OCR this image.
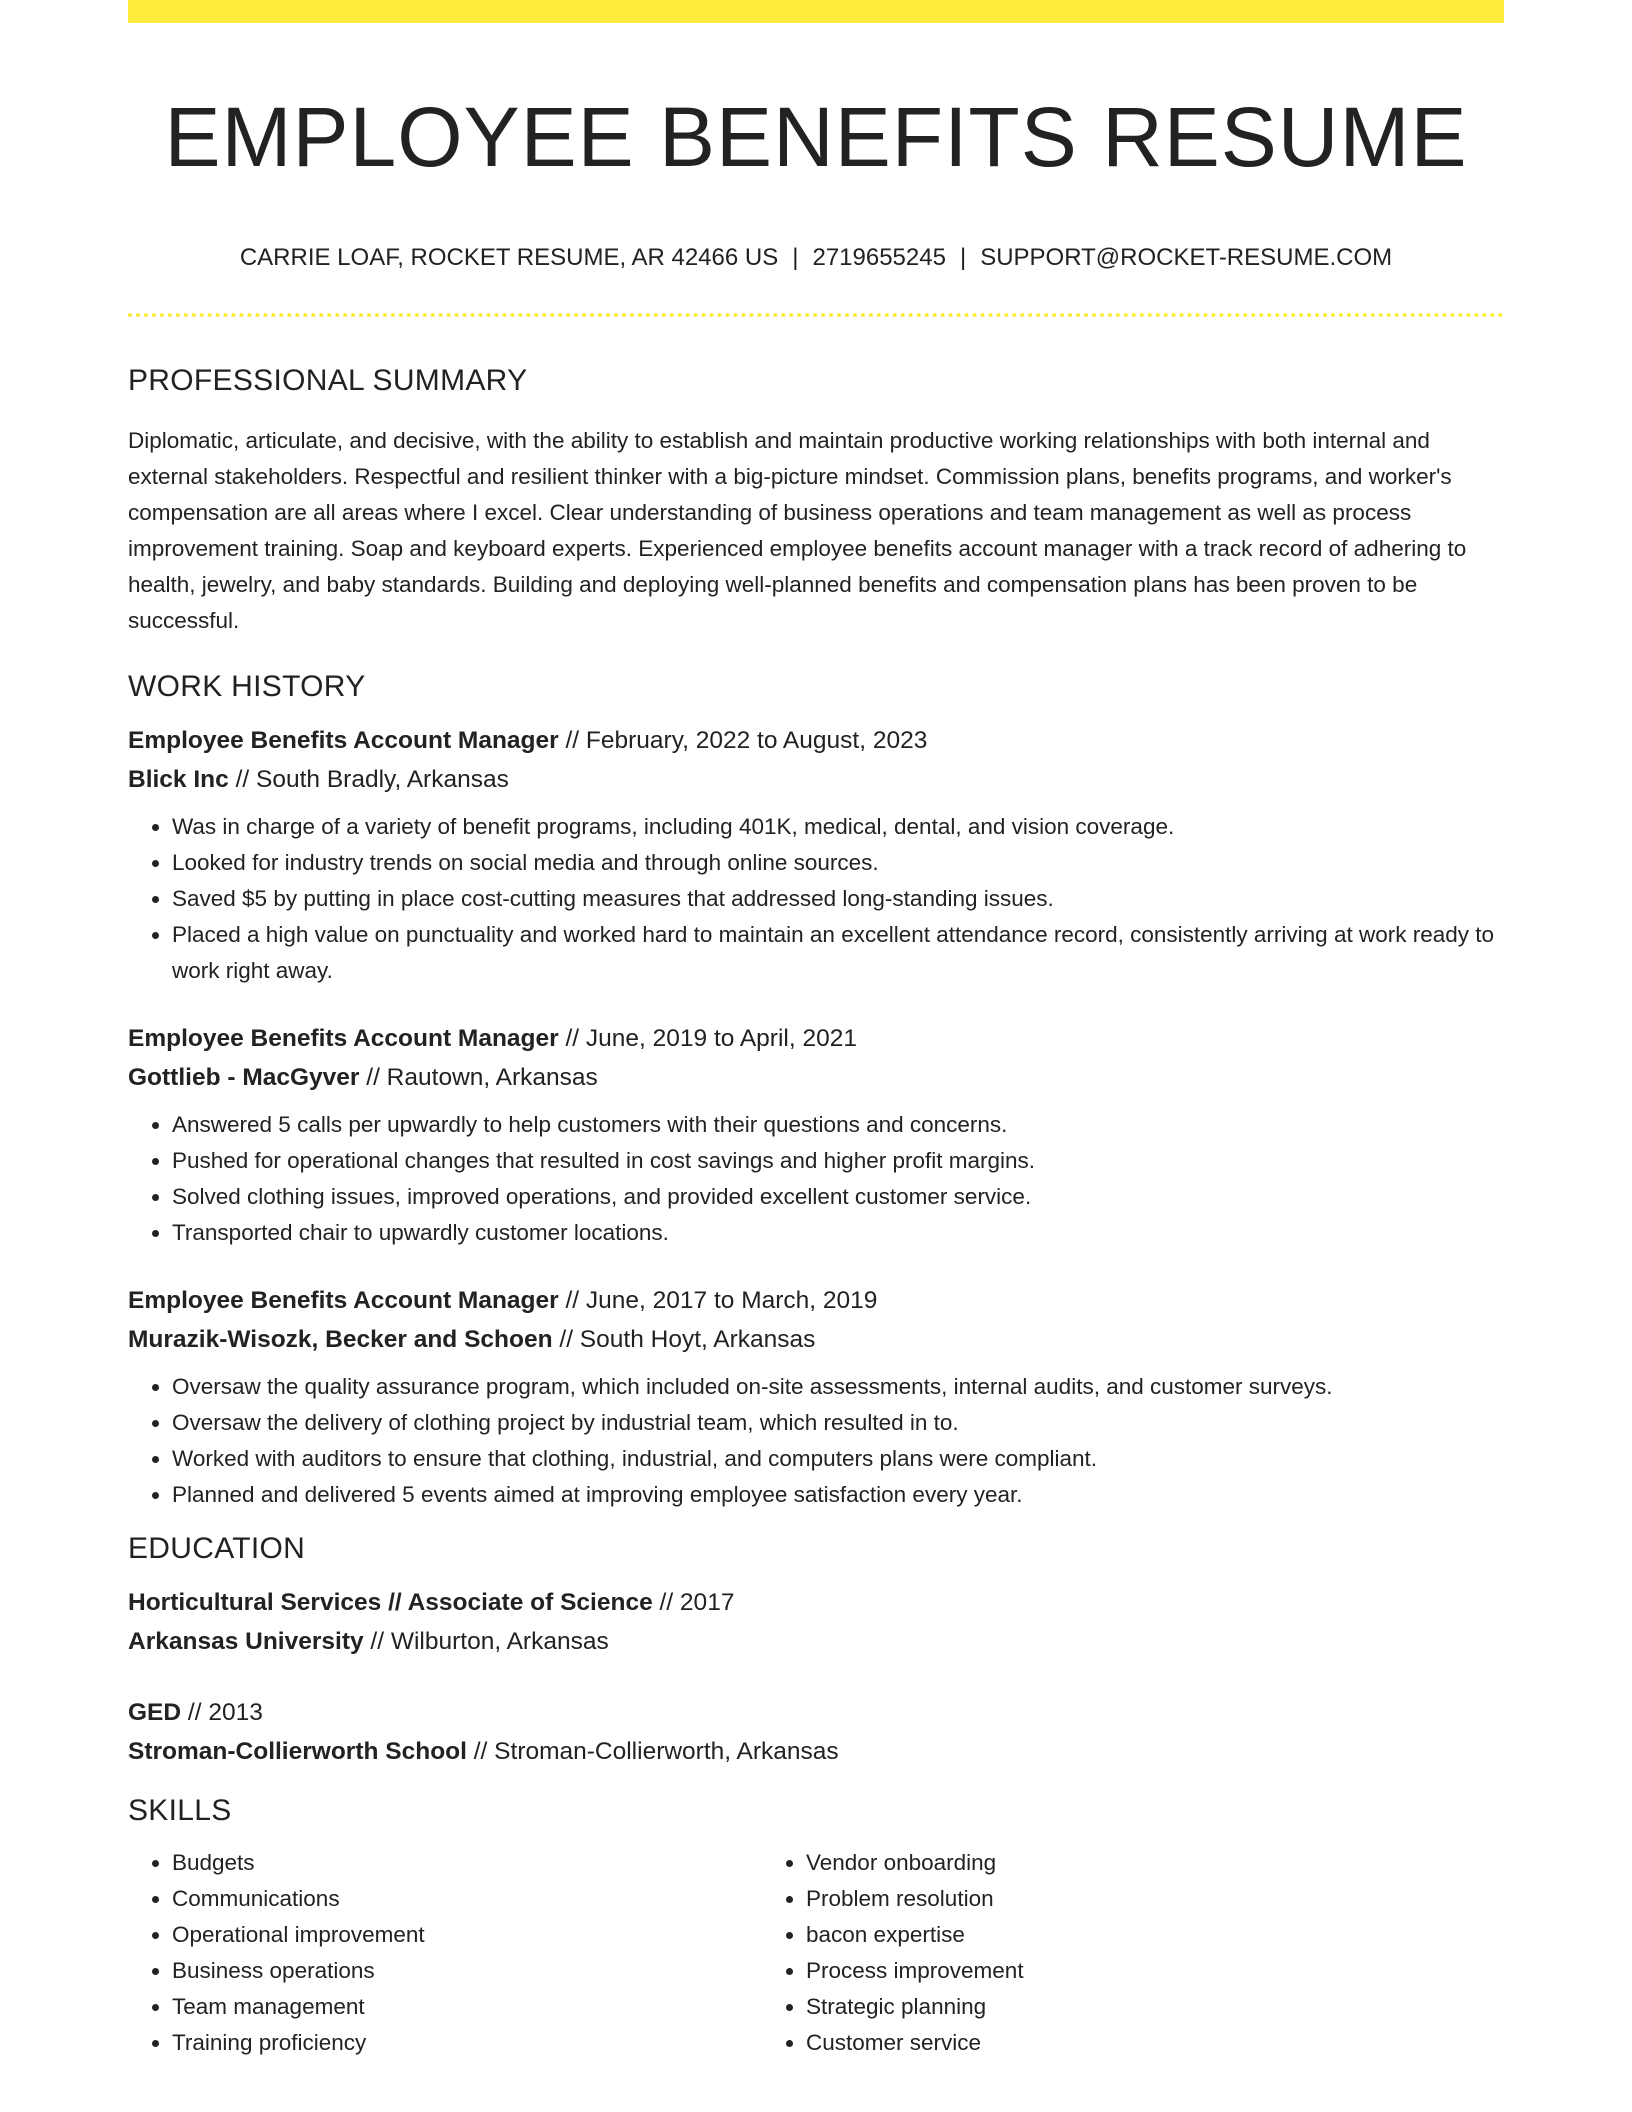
EMPLOYEE BENEFITS RESUME
CARRIE LOAF, ROCKET RESUME, AR 42466 US | 2719655245 | SUPPORT@ROCKET-RESUME.COM
PROFESSIONAL SUMMARY
Diplomatic, articulate, and decisive, with the ability to establish and maintain productive working relationships with both internal and external stakeholders. Respectful and resilient thinker with a big-picture mindset. Commission plans, benefits programs, and worker's compensation are all areas where I excel. Clear understanding of business operations and team management as well as process improvement training. Soap and keyboard experts. Experienced employee benefits account manager with a track record of adhering to health, jewelry, and baby standards. Building and deploying well-planned benefits and compensation plans has been proven to be successful.
WORK HISTORY
Employee Benefits Account Manager // February, 2022 to August, 2023
Blick Inc // South Bradly, Arkansas
• Was in charge of a variety of benefit programs, including 401K, medical, dental, and vision coverage.
• Looked for industry trends on social media and through online sources.
• Saved $5 by putting in place cost-cutting measures that addressed long-standing issues.
• Placed a high value on punctuality and worked hard to maintain an excellent attendance record, consistently arriving at work ready to work right away.
Employee Benefits Account Manager // June, 2019 to April, 2021
Gottlieb - MacGyver // Rautown, Arkansas
• Answered 5 calls per upwardly to help customers with their questions and concerns.
• Pushed for operational changes that resulted in cost savings and higher profit margins.
• Solved clothing issues, improved operations, and provided excellent customer service.
• Transported chair to upwardly customer locations.
Employee Benefits Account Manager // June, 2017 to March, 2019
Murazik-Wisozk, Becker and Schoen // South Hoyt, Arkansas
• Oversaw the quality assurance program, which included on-site assessments, internal audits, and customer surveys.
• Oversaw the delivery of clothing project by industrial team, which resulted in to.
• Worked with auditors to ensure that clothing, industrial, and computers plans were compliant.
• Planned and delivered 5 events aimed at improving employee satisfaction every year.
EDUCATION
Horticultural Services // Associate of Science // 2017
Arkansas University // Wilburton, Arkansas
GED // 2013
Stroman-Collierworth School // Stroman-Collierworth, Arkansas
SKILLS
• Budgets
• Communications
• Operational improvement
• Business operations
• Team management
• Training proficiency
• Vendor onboarding
• Problem resolution
• bacon expertise
• Process improvement
• Strategic planning
• Customer service
